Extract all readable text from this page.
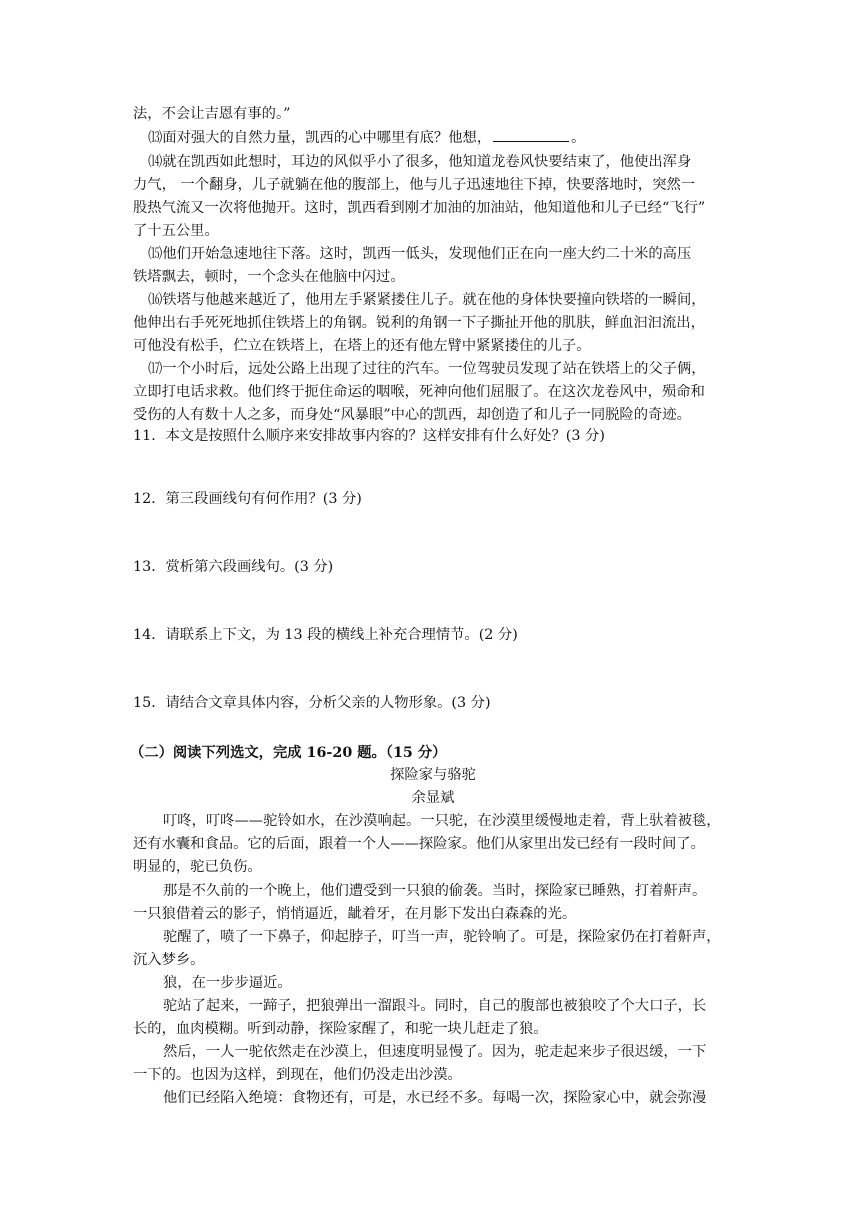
法，不会让吉恩有事的。”
⒀面对强大的自然力量，凯西的心中哪里有底？他想，	。
⒁就在凯西如此想时，耳边的风似乎小了很多，他知道龙卷风快要结束了，他使出浑身
力气， 一个翻身，儿子就躺在他的腹部上，他与儿子迅速地往下掉，快要落地时，突然一
股热气流又一次将他抛开。这时，凯西看到刚才加油的加油站，他知道他和儿子已经“飞行”
了十五公里。
⒂他们开始急速地往下落。这时，凯西一低头，发现他们正在向一座大约二十米的高压
铁塔飘去，顿时，一个念头在他脑中闪过。
⒃铁塔与他越来越近了，他用左手紧紧搂住儿子。就在他的身体快要撞向铁塔的一瞬间，
他伸出右手死死地抓住铁塔上的角钢。锐利的角钢一下子撕扯开他的肌肤，鲜血汩汩流出，
可他没有松手，伫立在铁塔上，在塔上的还有他左臂中紧紧搂住的儿子。
⒄一个小时后，远处公路上出现了过往的汽车。一位驾驶员发现了站在铁塔上的父子俩，
立即打电话求救。他们终于扼住命运的咽喉，死神向他们屈服了。在这次龙卷风中，殒命和
受伤的人有数十人之多，而身处“风暴眼”中心的凯西，却创造了和儿子一同脱险的奇迹。
11．本文是按照什么顺序来安排故事内容的？这样安排有什么好处？(3 分)
12．第三段画线句有何作用？(3 分)
13．赏析第六段画线句。(3 分)
14．请联系上下文，为 13 段的横线上补充合理情节。(2 分)
15．请结合文章具体内容，分析父亲的人物形象。(3 分)
（二）阅读下列选文，完成 16-20 题。（15 分）
探险家与骆驼
余显斌
叮咚，叮咚——驼铃如水，在沙漠响起。一只驼，在沙漠里缓慢地走着，背上驮着被毯，
还有水囊和食品。它的后面，跟着一个人——探险家。他们从家里出发已经有一段时间了。
明显的，驼已负伤。
那是不久前的一个晚上，他们遭受到一只狼的偷袭。当时，探险家已睡熟，打着鼾声。
一只狼借着云的影子，悄悄逼近，龇着牙，在月影下发出白森森的光。
驼醒了，喷了一下鼻子，仰起脖子，叮当一声，驼铃响了。可是，探险家仍在打着鼾声，
沉入梦乡。
狼，在一步步逼近。
驼站了起来，一蹄子，把狼弹出一溜跟斗。同时，自己的腹部也被狼咬了个大口子，长
长的，血肉模糊。听到动静，探险家醒了，和驼一块儿赶走了狼。
然后，一人一驼依然走在沙漠上，但速度明显慢了。因为，驼走起来步子很迟缓，一下
一下的。也因为这样，到现在，他们仍没走出沙漠。
他们已经陷入绝境：食物还有，可是，水已经不多。每喝一次，探险家心中，就会弥漫
